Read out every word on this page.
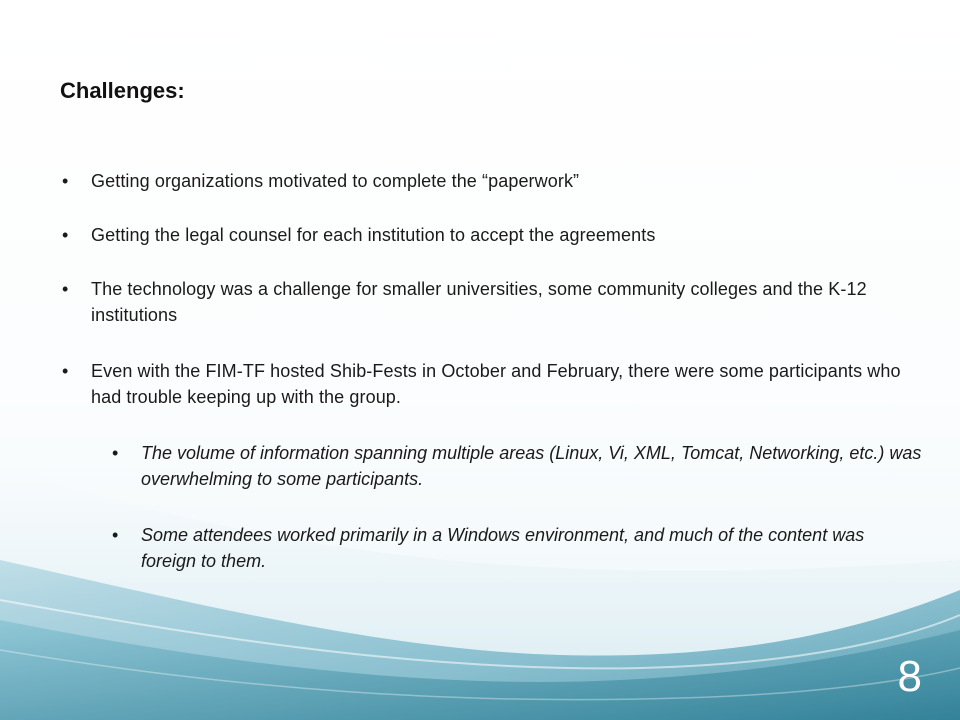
Challenges:
•	Getting organizations motivated to complete the “paperwork”
•	Getting the legal counsel for each institution to accept the agreements
•	The technology was a challenge for smaller universities, some community colleges and the K-12 institutions
•	Even with the FIM-TF hosted Shib-Fests in October and February, there were some participants who had trouble keeping up with the group.
•	The volume of information spanning multiple areas (Linux, Vi, XML, Tomcat, Networking, etc.) was overwhelming to some participants.
•	Some attendees worked primarily in a Windows environment, and much of the content was foreign to them.
8
